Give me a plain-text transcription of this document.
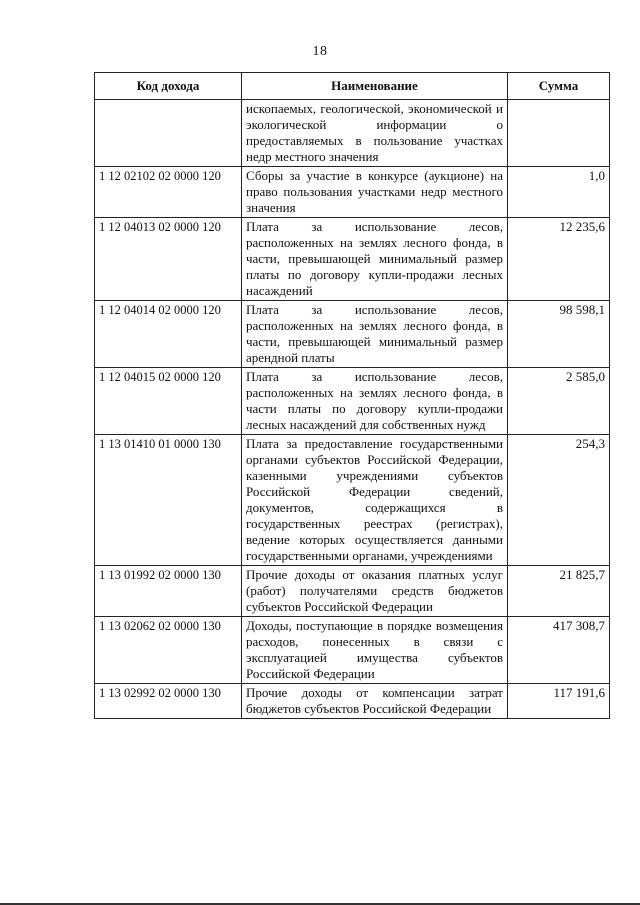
18
Код дохода	Наименование	Сумма
	ископаемых, геологической, экономической и экологической информации о предоставляемых в пользование участках недр местного значения	
1 12 02102 02 0000 120	Сборы за участие в конкурсе (аукционе) на право пользования участками недр местного значения	1,0
1 12 04013 02 0000 120	Плата за использование лесов, расположенных на землях лесного фонда, в части, превышающей минимальный размер платы по договору купли-продажи лесных насаждений	12 235,6
1 12 04014 02 0000 120	Плата за использование лесов, расположенных на землях лесного фонда, в части, превышающей минимальный размер арендной платы	98 598,1
1 12 04015 02 0000 120	Плата за использование лесов, расположенных на землях лесного фонда, в части платы по договору купли-продажи лесных насаждений для собственных нужд	2 585,0
1 13 01410 01 0000 130	Плата за предоставление государственными органами субъектов Российской Федерации, казенными учреждениями субъектов Российской Федерации сведений, документов, содержащихся в государственных реестрах (регистрах), ведение которых осуществляется данными государственными органами, учреждениями	254,3
1 13 01992 02 0000 130	Прочие доходы от оказания платных услуг (работ) получателями средств бюджетов субъектов Российской Федерации	21 825,7
1 13 02062 02 0000 130	Доходы, поступающие в порядке возмещения расходов, понесенных в связи с эксплуатацией имущества субъектов Российской Федерации	417 308,7
1 13 02992 02 0000 130	Прочие доходы от компенсации затрат бюджетов субъектов Российской Федерации	117 191,6
